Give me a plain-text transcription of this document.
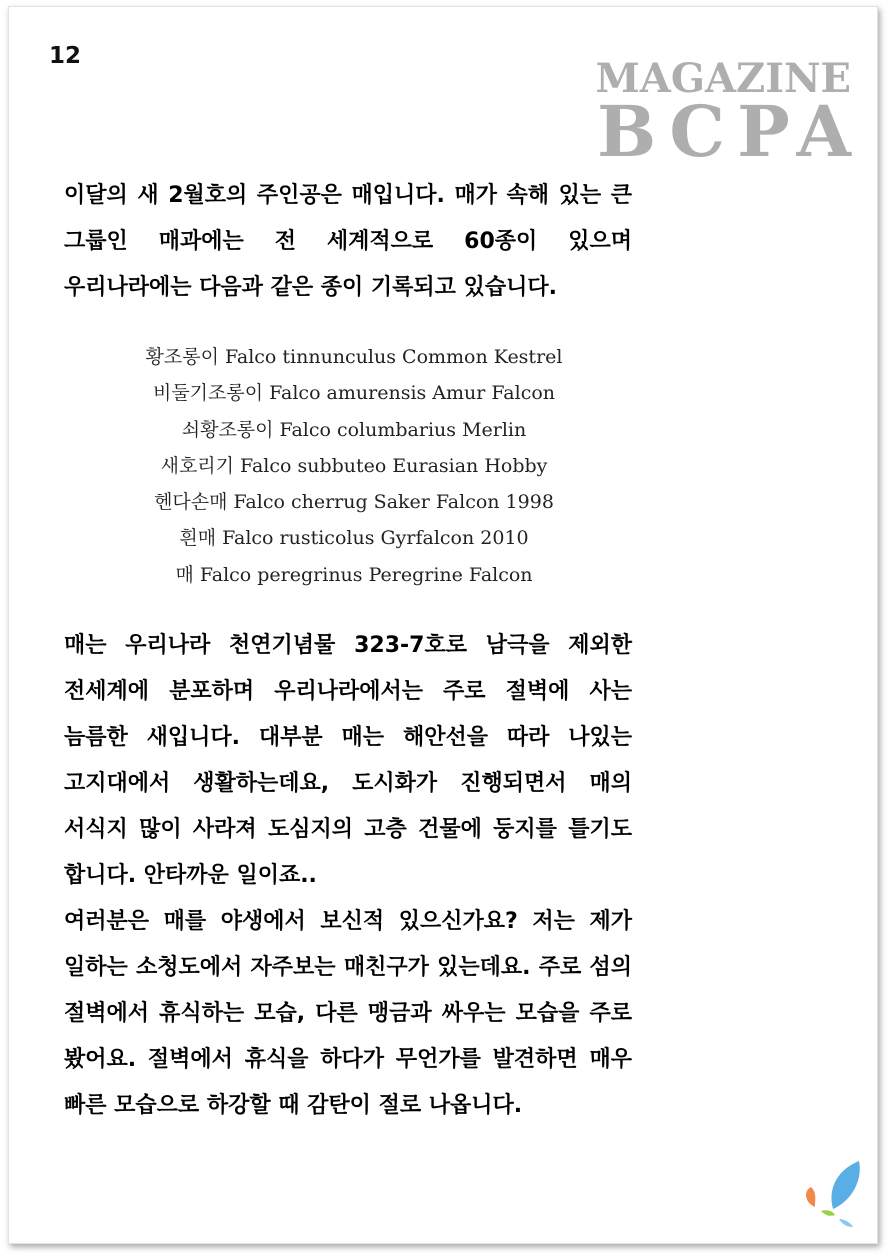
12	MAGAZINE
BCPA

이달의 새 2월호의 주인공은 매입니다. 매가 속해 있는 큰 그룹인 매과에는 전 세계적으로 60종이 있으며 우리나라에는 다음과 같은 종이 기록되고 있습니다.

황조롱이 Falco tinnunculus Common Kestrel
비둘기조롱이 Falco amurensis Amur Falcon
쇠황조롱이 Falco columbarius Merlin
새호리기 Falco subbuteo Eurasian Hobby
헨다손매 Falco cherrug Saker Falcon 1998
흰매 Falco rusticolus Gyrfalcon 2010
매 Falco peregrinus Peregrine Falcon

매는 우리나라 천연기념물 323-7호로 남극을 제외한 전세계에 분포하며 우리나라에서는 주로 절벽에 사는 늠름한 새입니다. 대부분 매는 해안선을 따라 나있는 고지대에서 생활하는데요, 도시화가 진행되면서 매의 서식지 많이 사라져 도심지의 고층 건물에 둥지를 틀기도 합니다. 안타까운 일이죠..

여러분은 매를 야생에서 보신적 있으신가요? 저는 제가 일하는 소청도에서 자주보는 매친구가 있는데요. 주로 섬의 절벽에서 휴식하는 모습, 다른 맹금과 싸우는 모습을 주로 봤어요. 절벽에서 휴식을 하다가 무언가를 발견하면 매우 빠른 모습으로 하강할 때 감탄이 절로 나옵니다.
